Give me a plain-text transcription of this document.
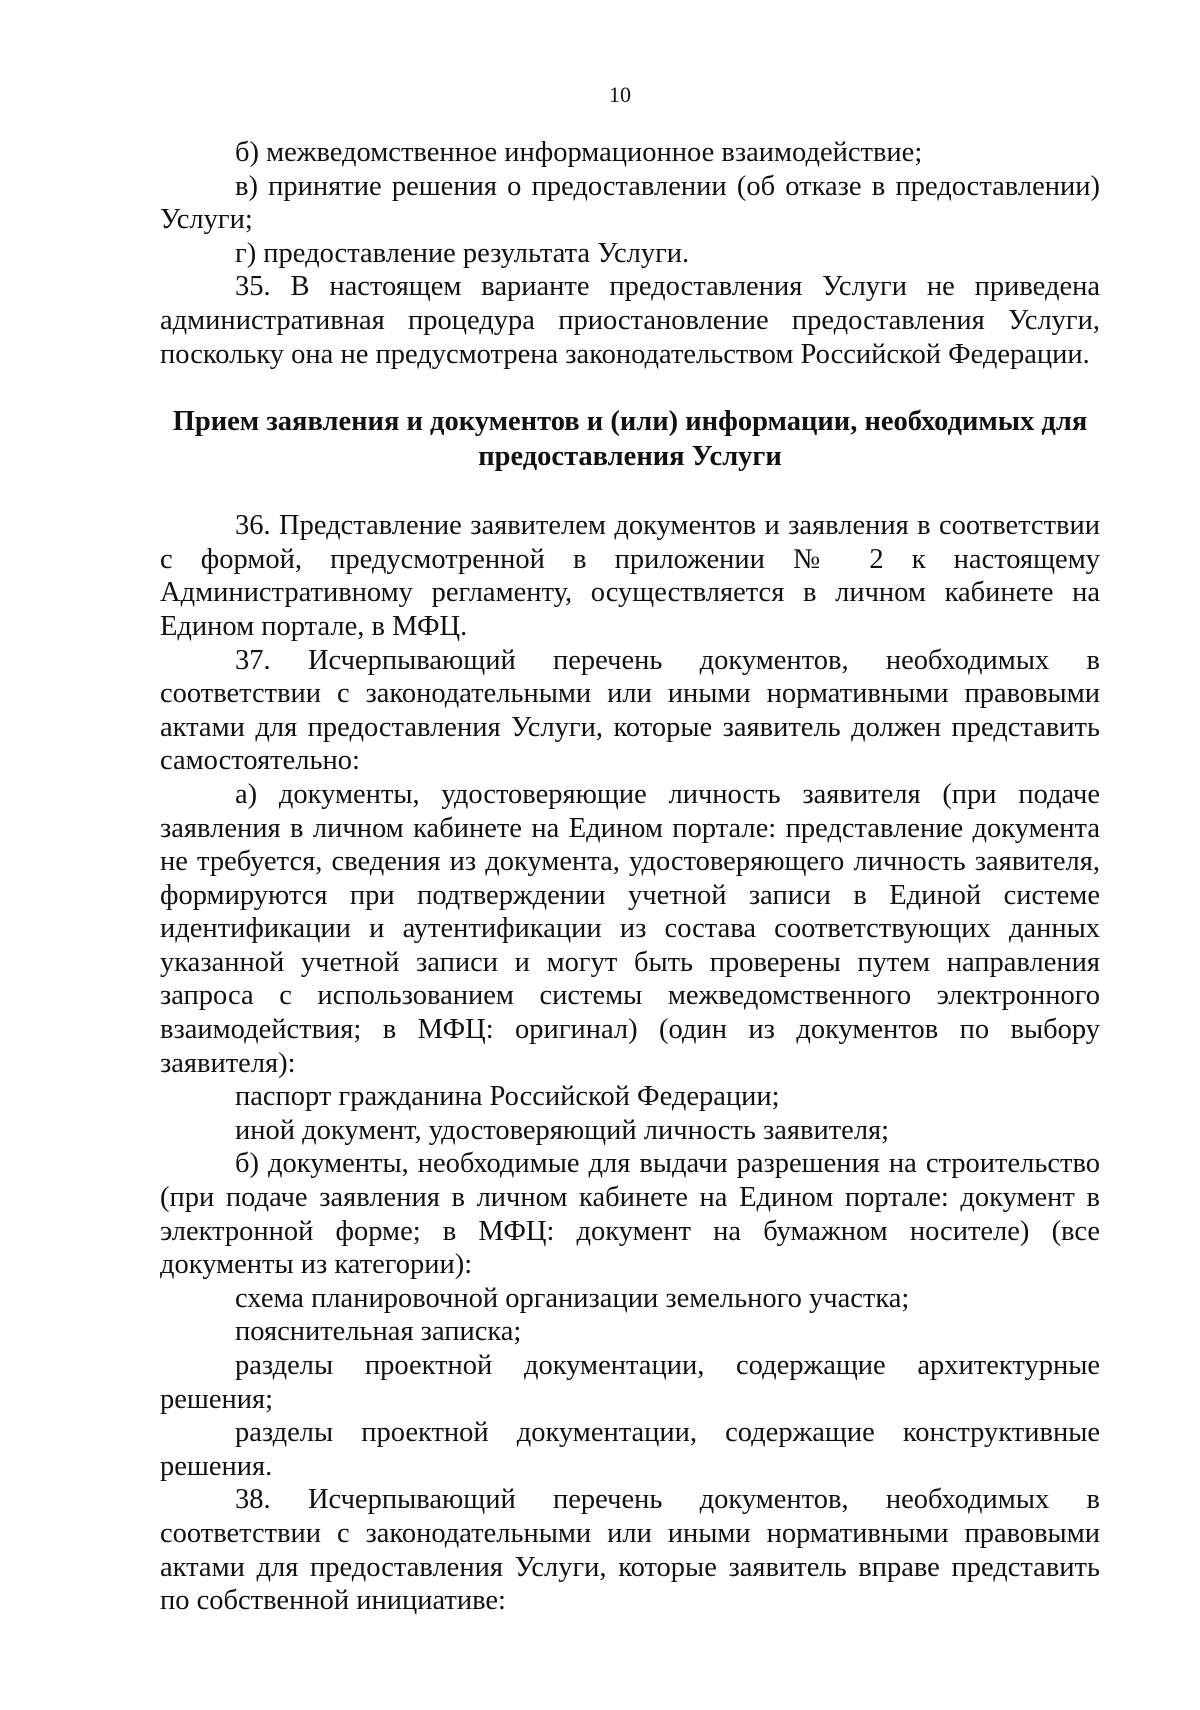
10

б) межведомственное информационное взаимодействие;

в) принятие решения о предоставлении (об отказе в предоставлении) Услуги;

г) предоставление результата Услуги.

35. В настоящем варианте предоставления Услуги не приведена административная процедура приостановление предоставления Услуги, поскольку она не предусмотрена законодательством Российской Федерации.

Прием заявления и документов и (или) информации, необходимых для
предоставления Услуги

36. Представление заявителем документов и заявления в соответствии с формой, предусмотренной в приложении № 2 к настоящему Административному регламенту, осуществляется в личном кабинете на Едином портале, в МФЦ.

37. Исчерпывающий перечень документов, необходимых в соответствии с законодательными или иными нормативными правовыми актами для предоставления Услуги, которые заявитель должен представить самостоятельно:

а) документы, удостоверяющие личность заявителя (при подаче заявления в личном кабинете на Едином портале: представление документа не требуется, сведения из документа, удостоверяющего личность заявителя, формируются при подтверждении учетной записи в Единой системе идентификации и аутентификации из состава соответствующих данных указанной учетной записи и могут быть проверены путем направления запроса с использованием системы межведомственного электронного взаимодействия; в МФЦ: оригинал) (один из документов по выбору заявителя):

паспорт гражданина Российской Федерации;

иной документ, удостоверяющий личность заявителя;

б) документы, необходимые для выдачи разрешения на строительство (при подаче заявления в личном кабинете на Едином портале: документ в электронной форме; в МФЦ: документ на бумажном носителе) (все документы из категории):

схема планировочной организации земельного участка;

пояснительная записка;

разделы проектной документации, содержащие архитектурные решения;

разделы проектной документации, содержащие конструктивные решения.

38. Исчерпывающий перечень документов, необходимых в соответствии с законодательными или иными нормативными правовыми актами для предоставления Услуги, которые заявитель вправе представить по собственной инициативе:
